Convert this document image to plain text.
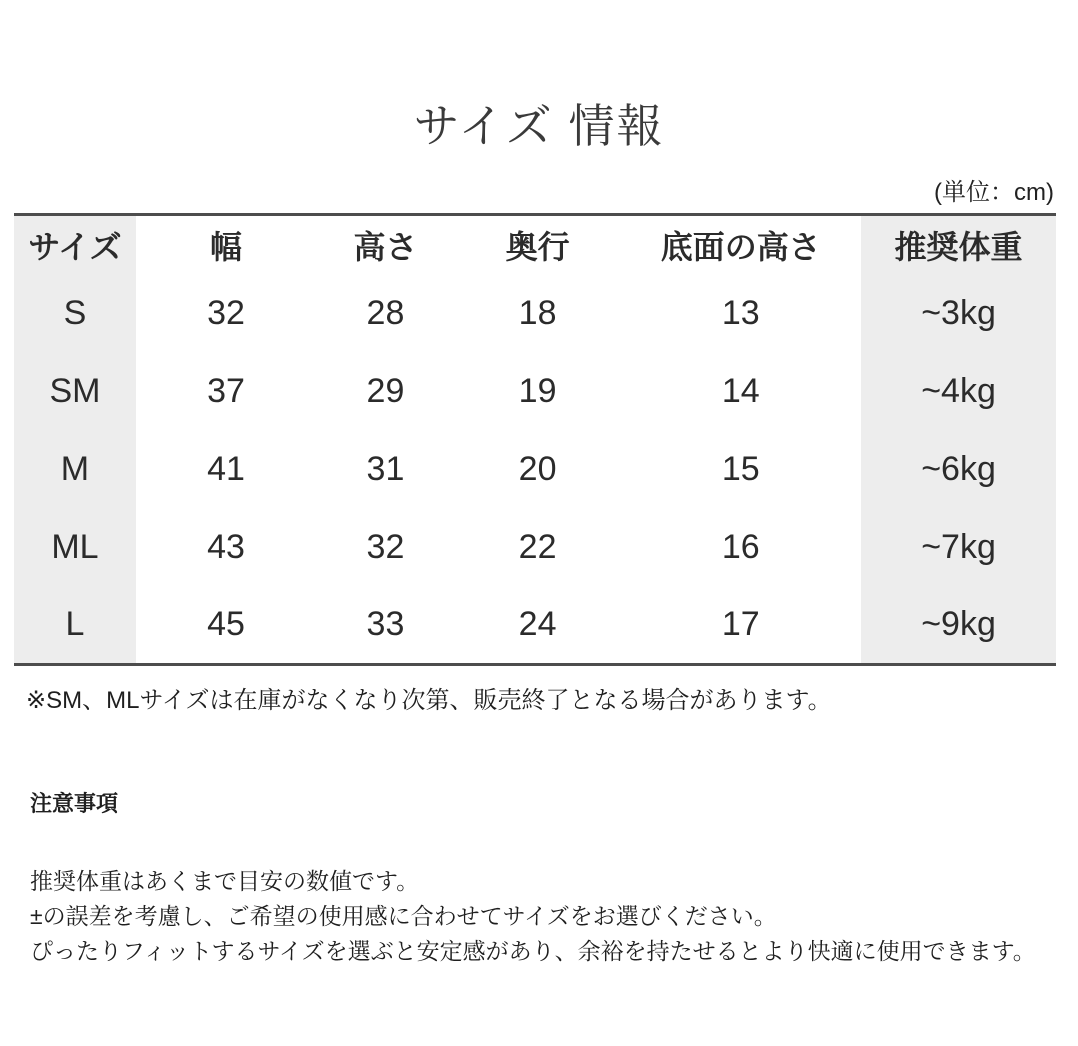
サイズ 情報
(単位：cm)
サイズ	幅	高さ	奥行	底面の高さ	推奨体重
S	32	28	18	13	~3kg
SM	37	29	19	14	~4kg
M	41	31	20	15	~6kg
ML	43	32	22	16	~7kg
L	45	33	24	17	~9kg
※SM、MLサイズは在庫がなくなり次第、販売終了となる場合があります。
注意事項
推奨体重はあくまで目安の数値です。
±の誤差を考慮し、ご希望の使用感に合わせてサイズをお選びください。
ぴったりフィットするサイズを選ぶと安定感があり、余裕を持たせるとより快適に使用できます。
